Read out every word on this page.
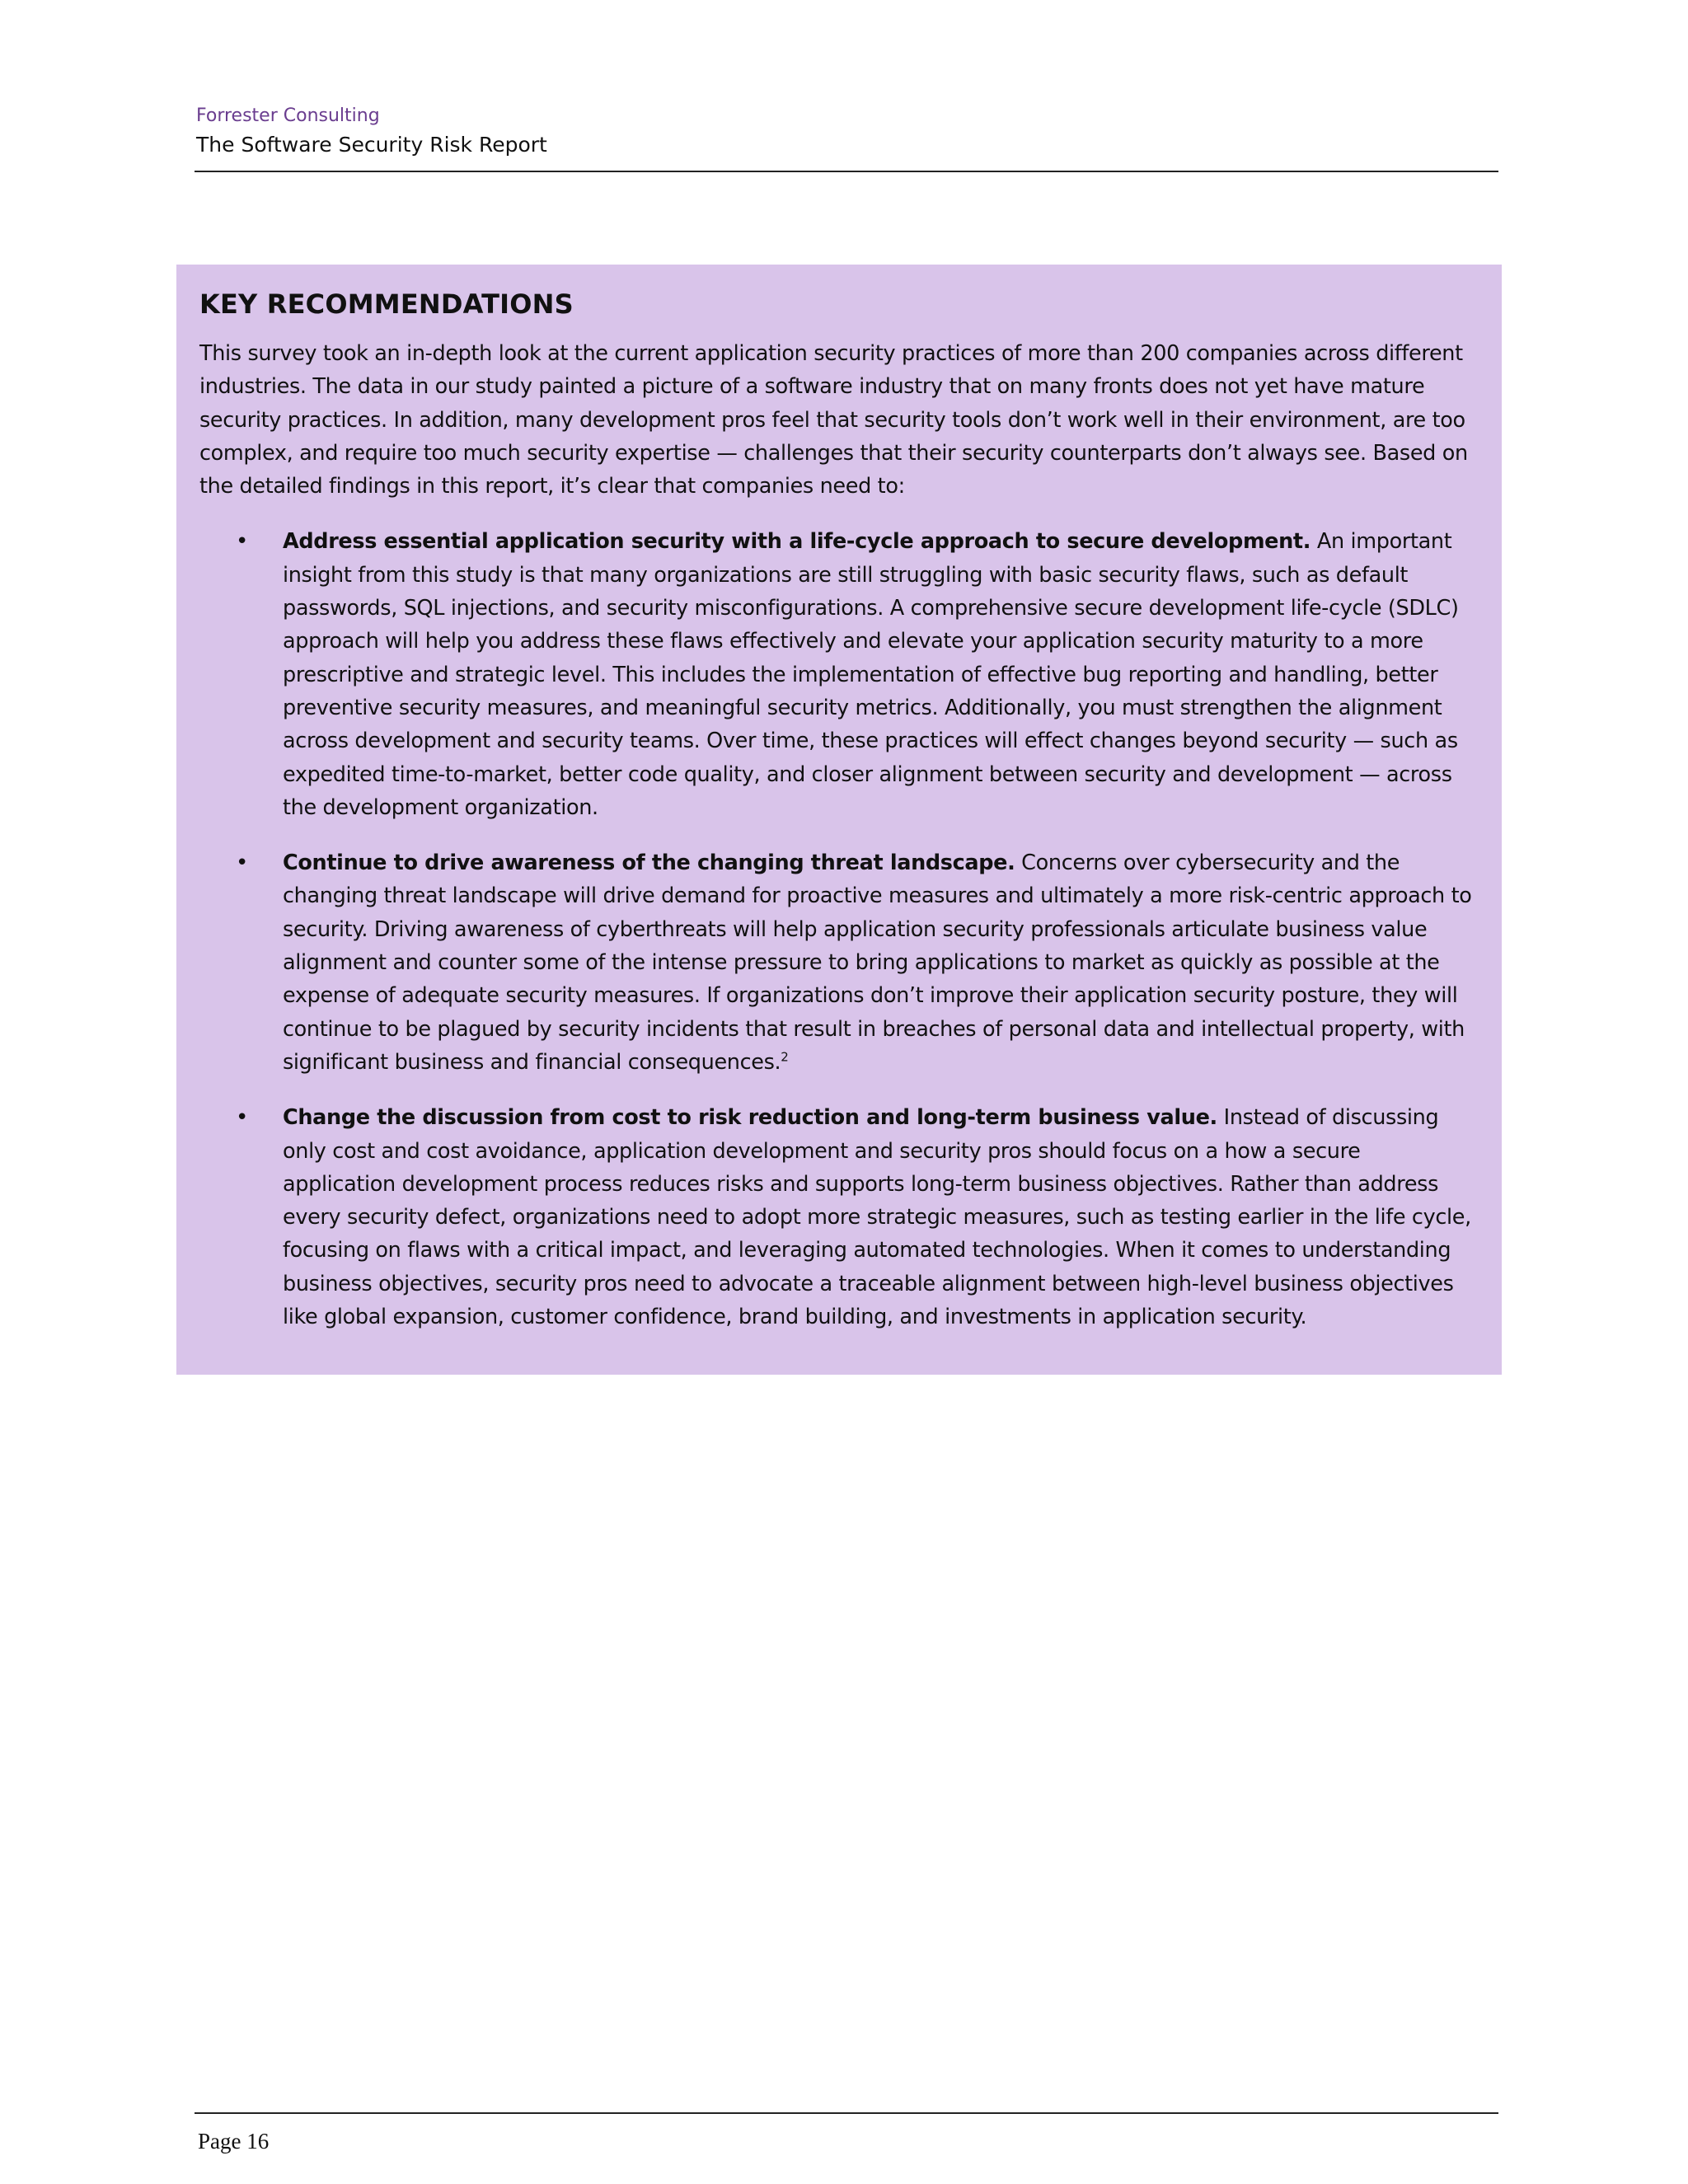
Forrester Consulting
The Software Security Risk Report
KEY RECOMMENDATIONS

This survey took an in-depth look at the current application security practices of more than 200 companies across different industries. The data in our study painted a picture of a software industry that on many fronts does not yet have mature security practices. In addition, many development pros feel that security tools don’t work well in their environment, are too complex, and require too much security expertise — challenges that their security counterparts don’t always see. Based on the detailed findings in this report, it’s clear that companies need to:

• Address essential application security with a life-cycle approach to secure development. An important insight from this study is that many organizations are still struggling with basic security flaws, such as default passwords, SQL injections, and security misconfigurations. A comprehensive secure development life-cycle (SDLC) approach will help you address these flaws effectively and elevate your application security maturity to a more prescriptive and strategic level. This includes the implementation of effective bug reporting and handling, better preventive security measures, and meaningful security metrics. Additionally, you must strengthen the alignment across development and security teams. Over time, these practices will effect changes beyond security — such as expedited time-to-market, better code quality, and closer alignment between security and development — across the development organization.
• Continue to drive awareness of the changing threat landscape. Concerns over cybersecurity and the changing threat landscape will drive demand for proactive measures and ultimately a more risk-centric approach to security. Driving awareness of cyberthreats will help application security professionals articulate business value alignment and counter some of the intense pressure to bring applications to market as quickly as possible at the expense of adequate security measures. If organizations don’t improve their application security posture, they will continue to be plagued by security incidents that result in breaches of personal data and intellectual property, with significant business and financial consequences.$^2$
• Change the discussion from cost to risk reduction and long-term business value. Instead of discussing only cost and cost avoidance, application development and security pros should focus on a how a secure application development process reduces risks and supports long-term business objectives. Rather than address every security defect, organizations need to adopt more strategic measures, such as testing earlier in the life cycle, focusing on flaws with a critical impact, and leveraging automated technologies. When it comes to understanding business objectives, security pros need to advocate a traceable alignment between high-level business objectives like global expansion, customer confidence, brand building, and investments in application security.
Page 16
